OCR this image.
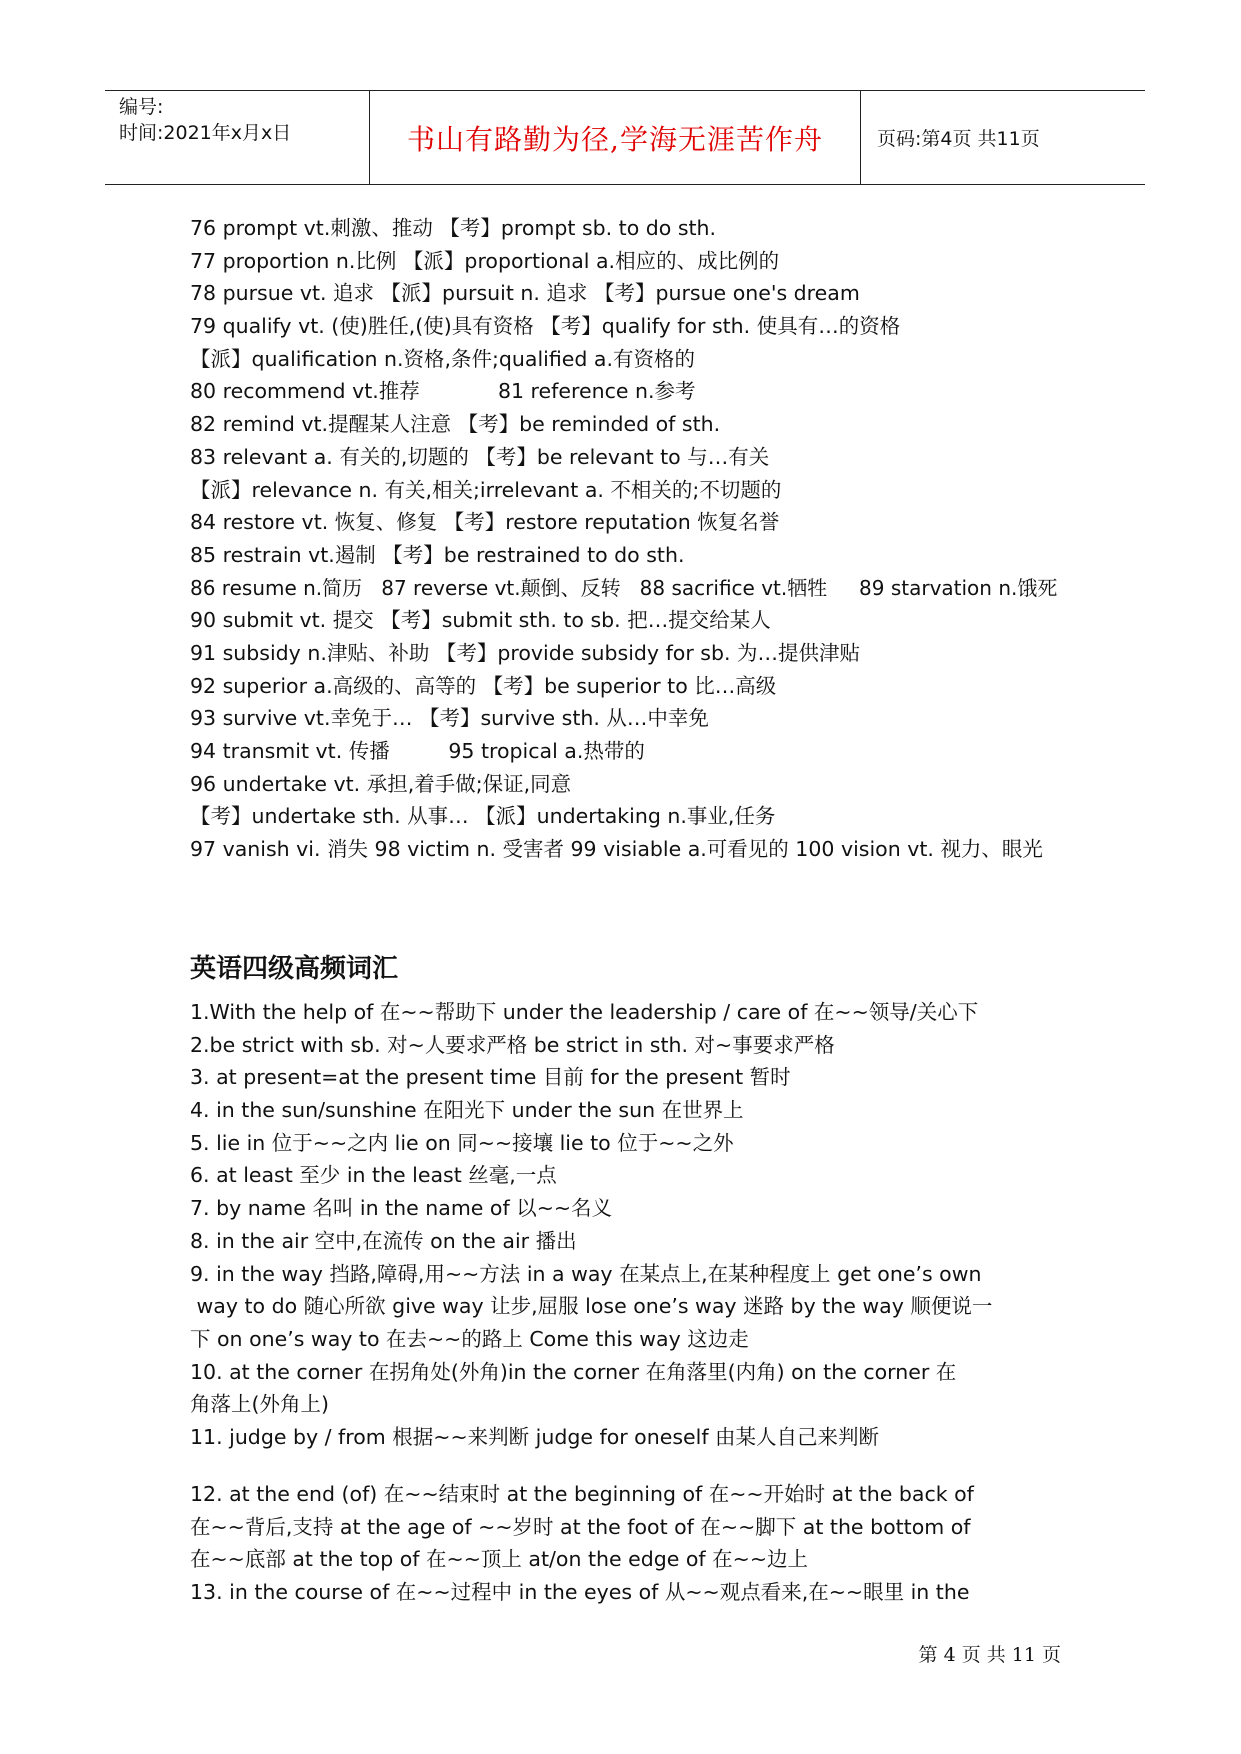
编号:
时间:2021年x月x日	书山有路勤为径,学海无涯苦作舟	页码:第4页 共11页
76 prompt vt.刺激、推动 【考】prompt sb. to do sth.
77 proportion n.比例 【派】proportional a.相应的、成比例的
78 pursue vt. 追求 【派】pursuit n. 追求 【考】pursue one's dream
79 qualify vt. (使)胜任,(使)具有资格 【考】qualify for sth. 使具有…的资格
【派】qualification n.资格,条件;qualified a.有资格的
80 recommend vt.推荐            81 reference n.参考
82 remind vt.提醒某人注意 【考】be reminded of sth.
83 relevant a. 有关的,切题的 【考】be relevant to 与…有关
【派】relevance n. 有关,相关;irrelevant a. 不相关的;不切题的
84 restore vt. 恢复、修复 【考】restore reputation 恢复名誉
85 restrain vt.遏制 【考】be restrained to do sth.
86 resume n.简历   87 reverse vt.颠倒、反转   88 sacrifice vt.牺牲     89 starvation n.饿死
90 submit vt. 提交 【考】submit sth. to sb. 把…提交给某人
91 subsidy n.津贴、补助 【考】provide subsidy for sb. 为…提供津贴
92 superior a.高级的、高等的 【考】be superior to 比…高级
93 survive vt.幸免于… 【考】survive sth. 从…中幸免
94 transmit vt. 传播         95 tropical a.热带的
96 undertake vt. 承担,着手做;保证,同意
【考】undertake sth. 从事… 【派】undertaking n.事业,任务
97 vanish vi. 消失 98 victim n. 受害者 99 visiable a.可看见的 100 vision vt. 视力、眼光
英语四级高频词汇
1.With the help of 在~~帮助下 under the leadership / care of 在~~领导/关心下
2.be strict with sb. 对~人要求严格 be strict in sth. 对~事要求严格
3. at present=at the present time 目前 for the present 暂时
4. in the sun/sunshine 在阳光下 under the sun 在世界上
5. lie in 位于~~之内 lie on 同~~接壤 lie to 位于~~之外
6. at least 至少 in the least 丝毫,一点
7. by name 名叫 in the name of 以~~名义
8. in the air 空中,在流传 on the air 播出
9. in the way 挡路,障碍,用~~方法 in a way 在某点上,在某种程度上 get one’s own
way to do 随心所欲 give way 让步,屈服 lose one’s way 迷路 by the way 顺便说一
下 on one’s way to 在去~~的路上 Come this way 这边走
10. at the corner 在拐角处(外角)in the corner 在角落里(内角) on the corner 在
角落上(外角上)
11. judge by / from 根据~~来判断 judge for oneself 由某人自己来判断
12. at the end (of) 在~~结束时 at the beginning of 在~~开始时 at the back of
在~~背后,支持 at the age of ~~岁时 at the foot of 在~~脚下 at the bottom of
在~~底部 at the top of 在~~顶上 at/on the edge of 在~~边上
13. in the course of 在~~过程中 in the eyes of 从~~观点看来,在~~眼里 in the
第 4 页 共 11 页
